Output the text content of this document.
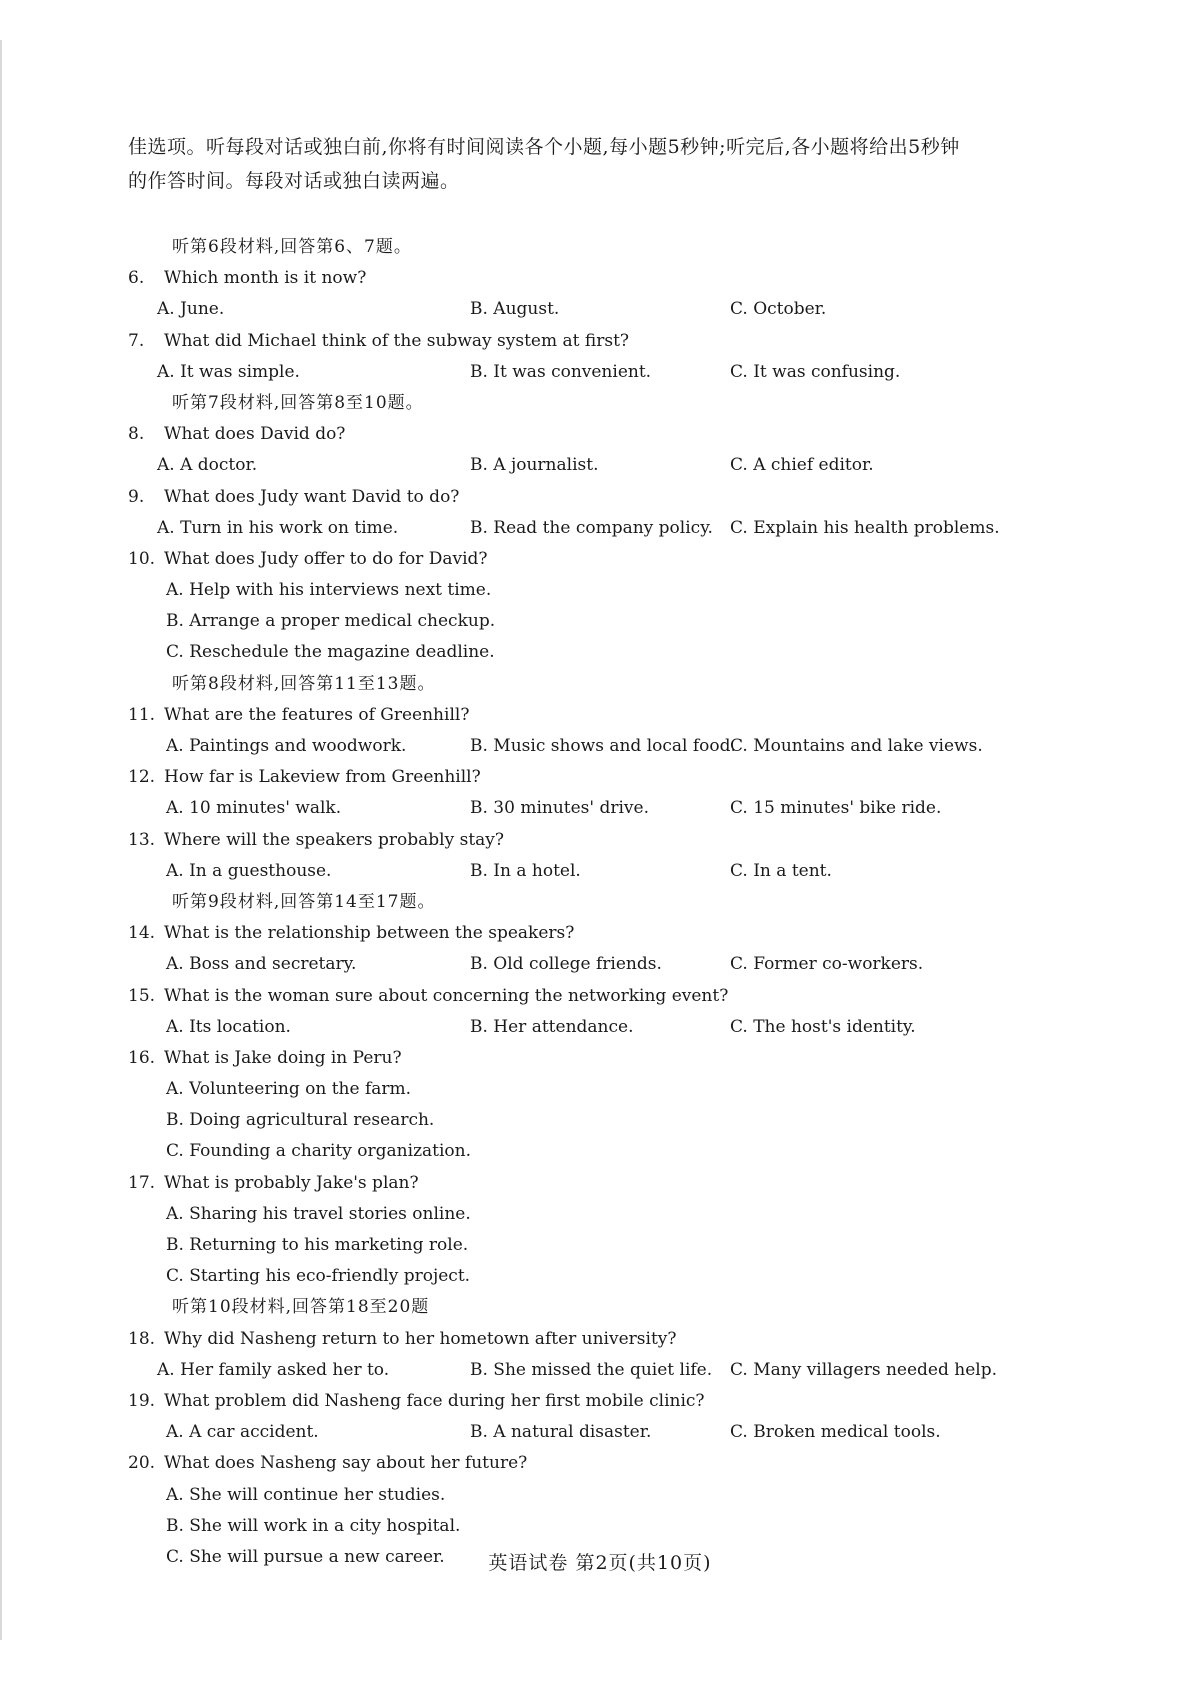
佳选项。听每段对话或独白前,你将有时间阅读各个小题,每小题5秒钟;听完后,各小题将给出5秒钟

的作答时间。每段对话或独白读两遍。

听第6段材料,回答第6、7题。
6. Which month is it now?
A. June.	B. August.	C. October.
7. What did Michael think of the subway system at first?
A. It was simple.	B. It was convenient.	C. It was confusing.
听第7段材料,回答第8至10题。
8. What does David do?
A. A doctor.	B. A journalist.	C. A chief editor.
9. What does Judy want David to do?
A. Turn in his work on time.	B. Read the company policy. C. Explain his health problems.
10. What does Judy offer to do for David?
A. Help with his interviews next time.
B. Arrange a proper medical checkup.
C. Reschedule the magazine deadline.
听第8段材料,回答第11至13题。
11. What are the features of Greenhill?
A. Paintings and woodwork.	B. Music shows and local food.
C. Mountains and lake views.
12. How far is Lakeview from Greenhill?
A. 10 minutes' walk.	B. 30 minutes' drive.	C. 15 minutes' bike ride.
13. Where will the speakers probably stay?
A. In a guesthouse.	B. In a hotel.	C. In a tent.
听第9段材料,回答第14至17题。
14. What is the relationship between the speakers?
A. Boss and secretary.	B. Old college friends.	C. Former co-workers.
15. What is the woman sure about concerning the networking event?
A. Its location.	B. Her attendance.	C. The host's identity.
16. What is Jake doing in Peru?
A. Volunteering on the farm.
B. Doing agricultural research.
C. Founding a charity organization.
17. What is probably Jake's plan?
A. Sharing his travel stories online.
B. Returning to his marketing role.
C. Starting his eco-friendly project.
听第10段材料,回答第18至20题
18. Why did Nasheng return to her hometown after university?
A. Her family asked her to.	B. She missed the quiet life. C. Many villagers needed help.
19. What problem did Nasheng face during her first mobile clinic?
A. A car accident.	B. A natural disaster.	C. Broken medical tools.
20. What does Nasheng say about her future?
A. She will continue her studies.
B. She will work in a city hospital.
C. She will pursue a new career.	英语试卷 第2页(共10页)
